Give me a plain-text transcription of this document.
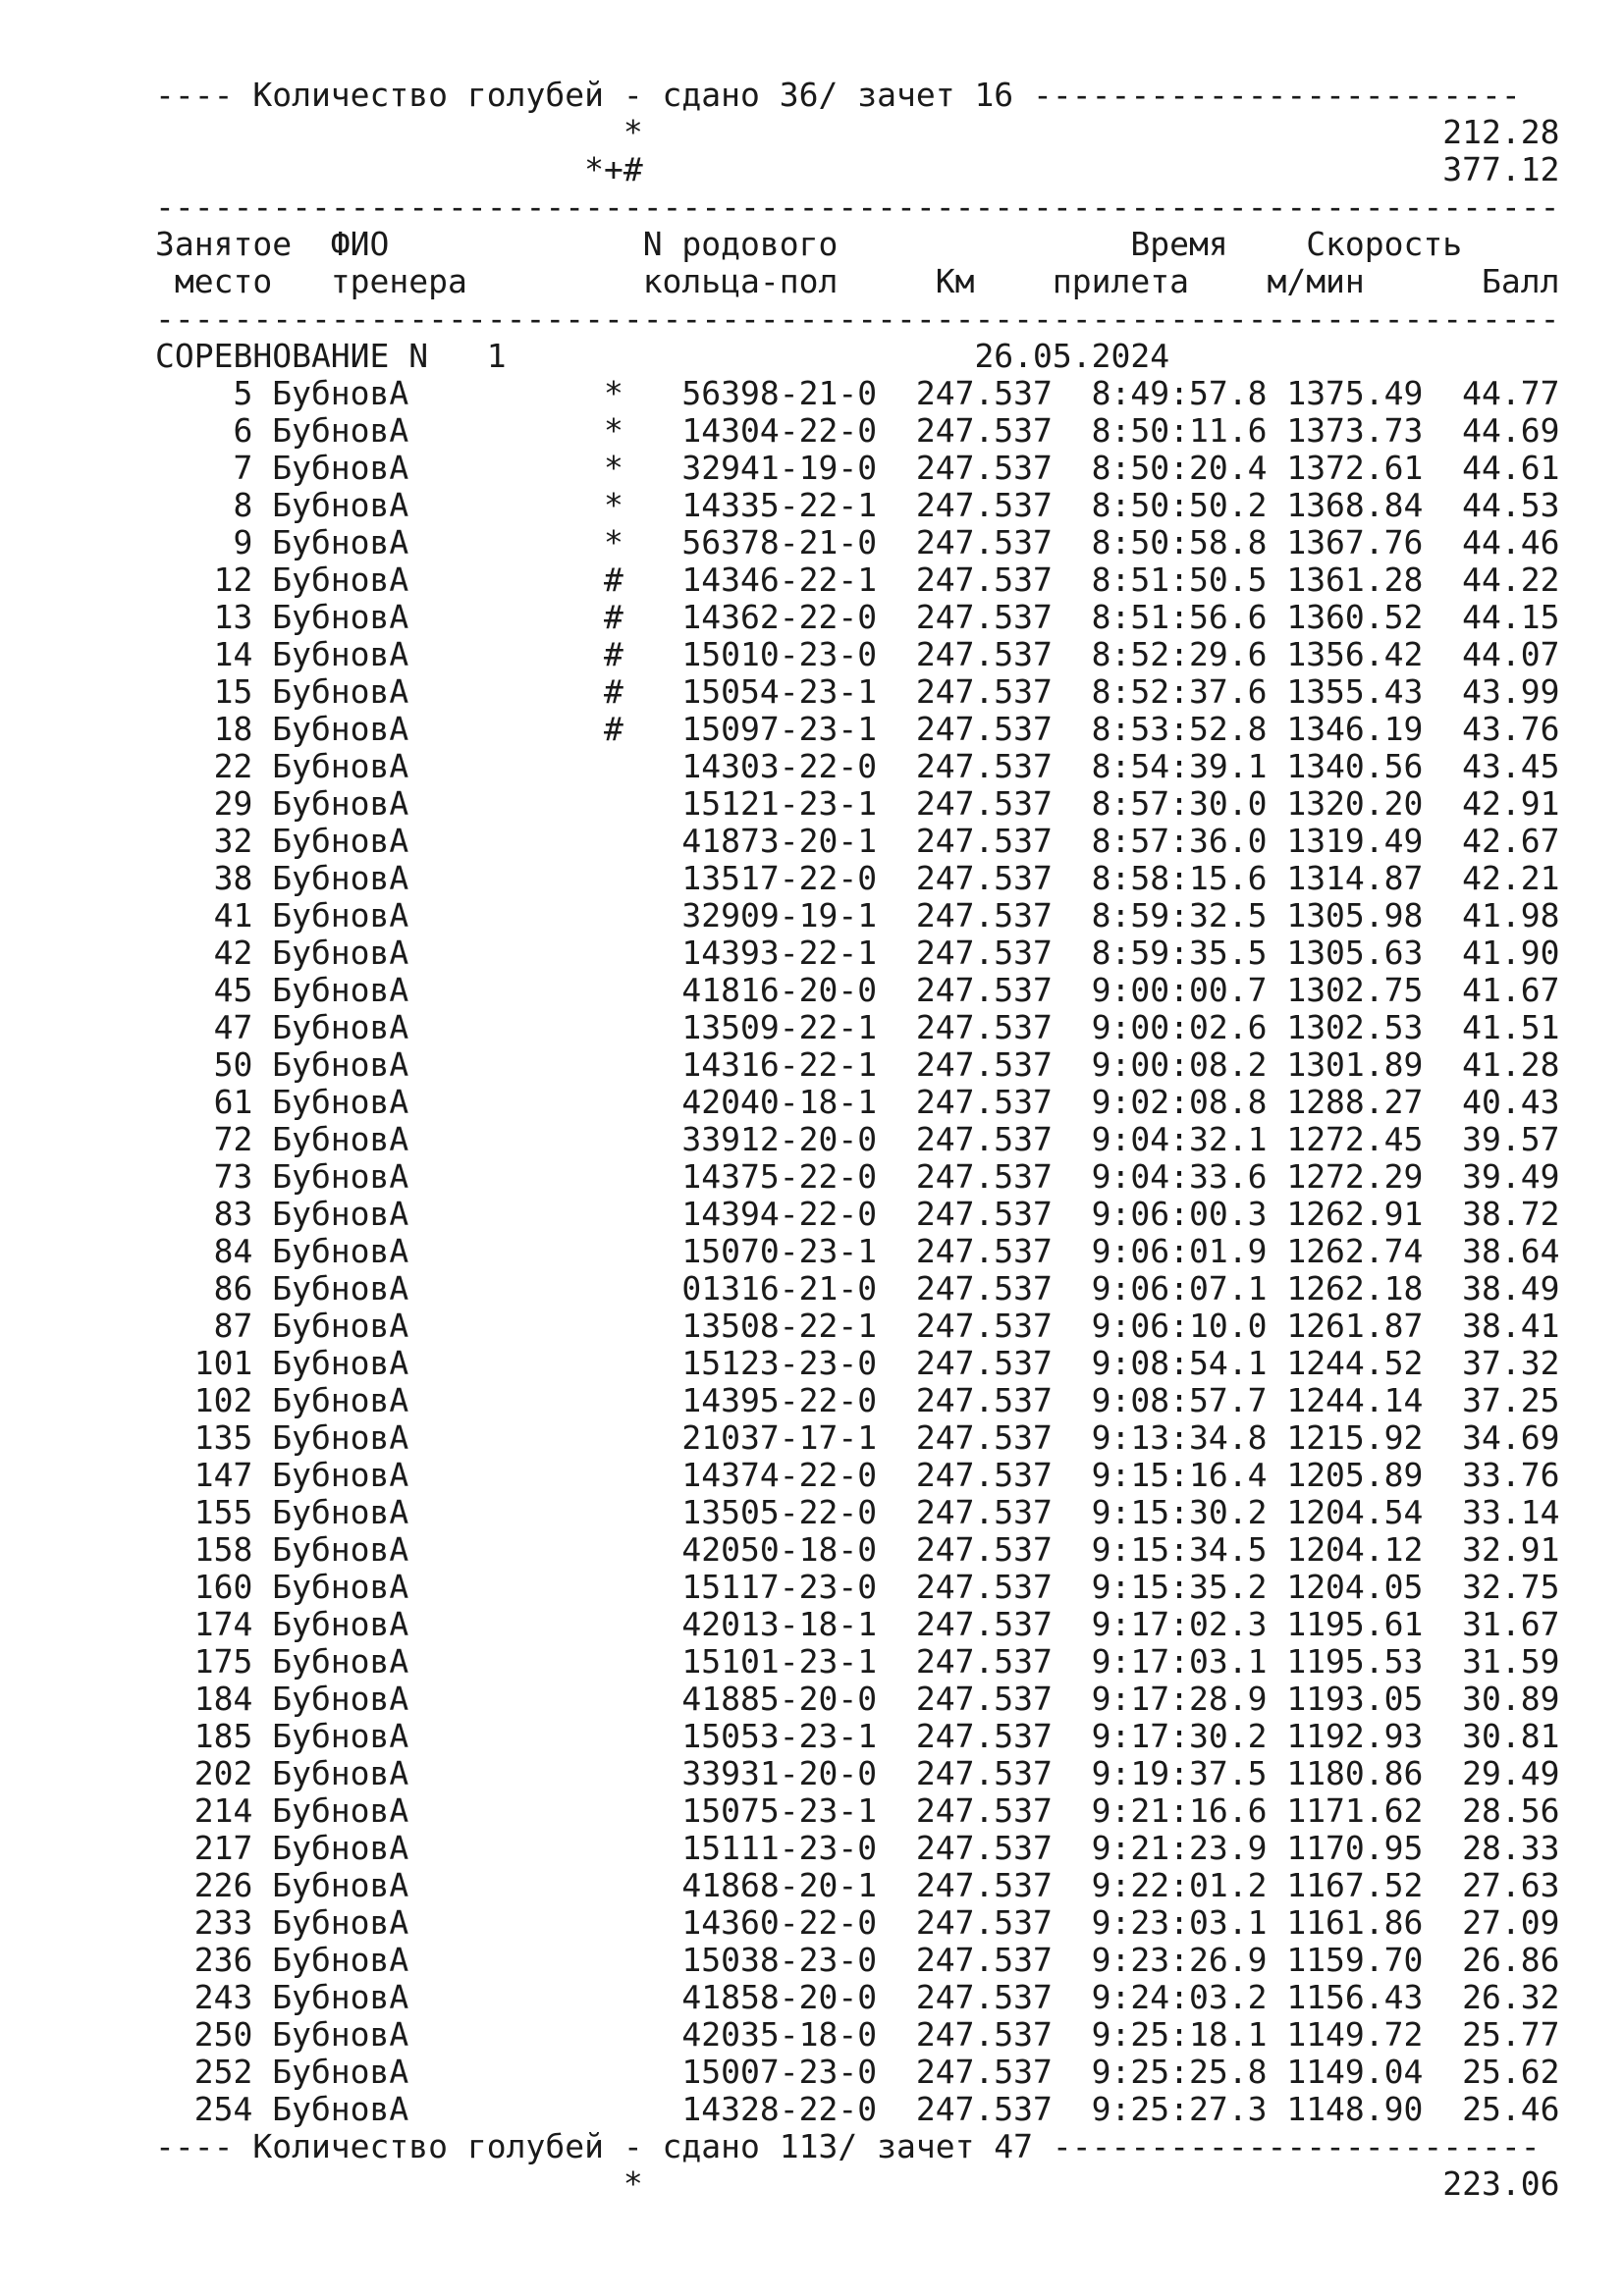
---- Количество голубей - сдано 36/ зачет 16 -------------------------
*                                         212.28
*+#                                         377.12
------------------------------------------------------------------------
Занятое  ФИО             N родового               Время    Скорость
место   тренера         кольца-пол     Км    прилета    м/мин      Балл
------------------------------------------------------------------------
СОРЕВНОВАНИЕ N   1                        26.05.2024
5 БубновА          *   56398-21-0  247.537  8:49:57.8 1375.49  44.77
6 БубновА          *   14304-22-0  247.537  8:50:11.6 1373.73  44.69
7 БубновА          *   32941-19-0  247.537  8:50:20.4 1372.61  44.61
8 БубновА          *   14335-22-1  247.537  8:50:50.2 1368.84  44.53
9 БубновА          *   56378-21-0  247.537  8:50:58.8 1367.76  44.46
12 БубновА          #   14346-22-1  247.537  8:51:50.5 1361.28  44.22
13 БубновА          #   14362-22-0  247.537  8:51:56.6 1360.52  44.15
14 БубновА          #   15010-23-0  247.537  8:52:29.6 1356.42  44.07
15 БубновА          #   15054-23-1  247.537  8:52:37.6 1355.43  43.99
18 БубновА          #   15097-23-1  247.537  8:53:52.8 1346.19  43.76
22 БубновА              14303-22-0  247.537  8:54:39.1 1340.56  43.45
29 БубновА              15121-23-1  247.537  8:57:30.0 1320.20  42.91
32 БубновА              41873-20-1  247.537  8:57:36.0 1319.49  42.67
38 БубновА              13517-22-0  247.537  8:58:15.6 1314.87  42.21
41 БубновА              32909-19-1  247.537  8:59:32.5 1305.98  41.98
42 БубновА              14393-22-1  247.537  8:59:35.5 1305.63  41.90
45 БубновА              41816-20-0  247.537  9:00:00.7 1302.75  41.67
47 БубновА              13509-22-1  247.537  9:00:02.6 1302.53  41.51
50 БубновА              14316-22-1  247.537  9:00:08.2 1301.89  41.28
61 БубновА              42040-18-1  247.537  9:02:08.8 1288.27  40.43
72 БубновА              33912-20-0  247.537  9:04:32.1 1272.45  39.57
73 БубновА              14375-22-0  247.537  9:04:33.6 1272.29  39.49
83 БубновА              14394-22-0  247.537  9:06:00.3 1262.91  38.72
84 БубновА              15070-23-1  247.537  9:06:01.9 1262.74  38.64
86 БубновА              01316-21-0  247.537  9:06:07.1 1262.18  38.49
87 БубновА              13508-22-1  247.537  9:06:10.0 1261.87  38.41
101 БубновА              15123-23-0  247.537  9:08:54.1 1244.52  37.32
102 БубновА              14395-22-0  247.537  9:08:57.7 1244.14  37.25
135 БубновА              21037-17-1  247.537  9:13:34.8 1215.92  34.69
147 БубновА              14374-22-0  247.537  9:15:16.4 1205.89  33.76
155 БубновА              13505-22-0  247.537  9:15:30.2 1204.54  33.14
158 БубновА              42050-18-0  247.537  9:15:34.5 1204.12  32.91
160 БубновА              15117-23-0  247.537  9:15:35.2 1204.05  32.75
174 БубновА              42013-18-1  247.537  9:17:02.3 1195.61  31.67
175 БубновА              15101-23-1  247.537  9:17:03.1 1195.53  31.59
184 БубновА              41885-20-0  247.537  9:17:28.9 1193.05  30.89
185 БубновА              15053-23-1  247.537  9:17:30.2 1192.93  30.81
202 БубновА              33931-20-0  247.537  9:19:37.5 1180.86  29.49
214 БубновА              15075-23-1  247.537  9:21:16.6 1171.62  28.56
217 БубновА              15111-23-0  247.537  9:21:23.9 1170.95  28.33
226 БубновА              41868-20-1  247.537  9:22:01.2 1167.52  27.63
233 БубновА              14360-22-0  247.537  9:23:03.1 1161.86  27.09
236 БубновА              15038-23-0  247.537  9:23:26.9 1159.70  26.86
243 БубновА              41858-20-0  247.537  9:24:03.2 1156.43  26.32
250 БубновА              42035-18-0  247.537  9:25:18.1 1149.72  25.77
252 БубновА              15007-23-0  247.537  9:25:25.8 1149.04  25.62
254 БубновА              14328-22-0  247.537  9:25:27.3 1148.90  25.46
---- Количество голубей - сдано 113/ зачет 47 -------------------------
*                                         223.06
